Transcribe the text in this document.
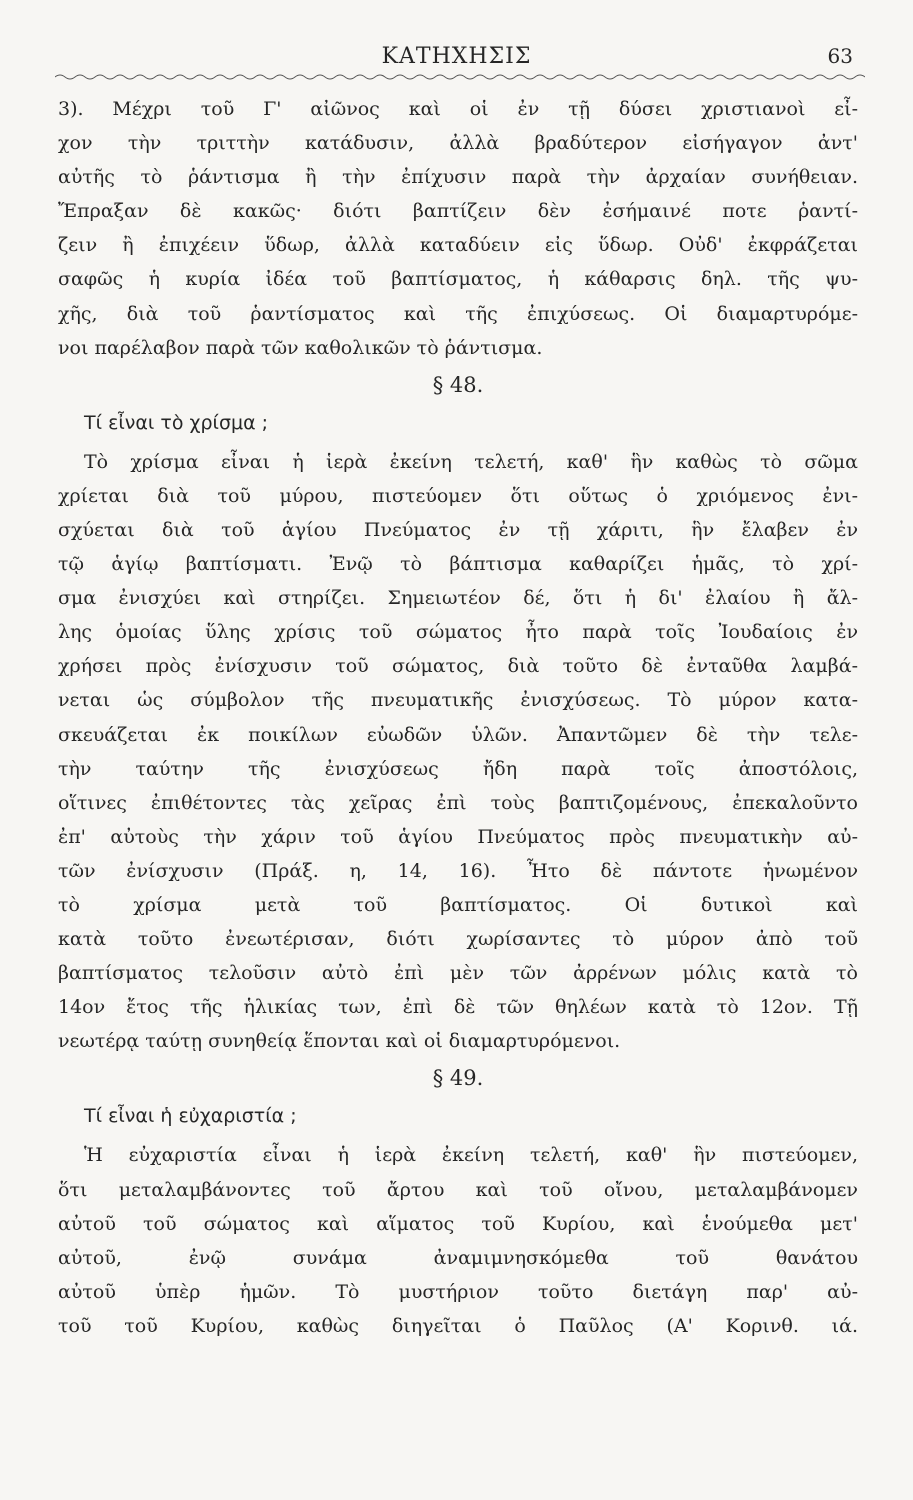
ΚΑΤΗΧΗΣΙΣ	63
3). Μέχρι τοῦ Γ' αἰῶνος καὶ οἱ ἐν τῇ δύσει χριστιανοὶ εἶ-
χον τὴν τριττὴν κατάδυσιν, ἀλλὰ βραδύτερον εἰσήγαγον ἀντ'
αὐτῆς τὸ ῥάντισμα ἢ τὴν ἐπίχυσιν παρὰ τὴν ἀρχαίαν συνήθειαν.
Ἔπραξαν δὲ κακῶς· διότι βαπτίζειν δὲν ἐσήμαινέ ποτε ῥαντί-
ζειν ἢ ἐπιχέειν ὕδωρ, ἀλλὰ καταδύειν εἰς ὕδωρ. Οὐδ' ἐκφράζεται
σαφῶς ἡ κυρία ἰδέα τοῦ βαπτίσματος, ἡ κάθαρσις δηλ. τῆς ψυ-
χῆς, διὰ τοῦ ῥαντίσματος καὶ τῆς ἐπιχύσεως. Οἱ διαμαρτυρόμε-
νοι παρέλαβον παρὰ τῶν καθολικῶν τὸ ῥάντισμα.
§ 48.
Τί εἶναι τὸ χρίσμα ;
Τὸ χρίσμα εἶναι ἡ ἱερὰ ἐκείνη τελετή, καθ' ἣν καθὼς τὸ σῶμα
χρίεται διὰ τοῦ μύρου, πιστεύομεν ὅτι οὕτως ὁ χριόμενος ἐνι-
σχύεται διὰ τοῦ ἁγίου Πνεύματος ἐν τῇ χάριτι, ἣν ἔλαβεν ἐν
τῷ ἁγίῳ βαπτίσματι. Ἐνῷ τὸ βάπτισμα καθαρίζει ἡμᾶς, τὸ χρί-
σμα ἐνισχύει καὶ στηρίζει. Σημειωτέον δέ, ὅτι ἡ δι' ἐλαίου ἢ ἄλ-
λης ὁμοίας ὕλης χρίσις τοῦ σώματος ἦτο παρὰ τοῖς Ἰουδαίοις ἐν
χρήσει πρὸς ἐνίσχυσιν τοῦ σώματος, διὰ τοῦτο δὲ ἐνταῦθα λαμβά-
νεται ὡς σύμβολον τῆς πνευματικῆς ἐνισχύσεως. Τὸ μύρον κατα-
σκευάζεται ἐκ ποικίλων εὐωδῶν ὑλῶν. Ἀπαντῶμεν δὲ τὴν τελε-
τὴν ταύτην τῆς ἐνισχύσεως ἤδη παρὰ τοῖς ἀποστόλοις,
οἵτινες ἐπιθέτοντες τὰς χεῖρας ἐπὶ τοὺς βαπτιζομένους, ἐπεκαλοῦντο
ἐπ' αὐτοὺς τὴν χάριν τοῦ ἁγίου Πνεύματος πρὸς πνευματικὴν αὐ-
τῶν ἐνίσχυσιν (Πράξ. η, 14, 16). Ἦτο δὲ πάντοτε ἡνωμένον
τὸ χρίσμα μετὰ τοῦ βαπτίσματος. Οἱ δυτικοὶ καὶ
κατὰ τοῦτο ἐνεωτέρισαν, διότι χωρίσαντες τὸ μύρον ἀπὸ τοῦ
βαπτίσματος τελοῦσιν αὐτὸ ἐπὶ μὲν τῶν ἀρρένων μόλις κατὰ τὸ
14ον ἔτος τῆς ἡλικίας των, ἐπὶ δὲ τῶν θηλέων κατὰ τὸ 12ον. Τῇ
νεωτέρᾳ ταύτῃ συνηθείᾳ ἕπονται καὶ οἱ διαμαρτυρόμενοι.
§ 49.
Τί εἶναι ἡ εὐχαριστία ;
Ἡ εὐχαριστία εἶναι ἡ ἱερὰ ἐκείνη τελετή, καθ' ἣν πιστεύομεν,
ὅτι μεταλαμβάνοντες τοῦ ἄρτου καὶ τοῦ οἴνου, μεταλαμβάνομεν
αὐτοῦ τοῦ σώματος καὶ αἵματος τοῦ Κυρίου, καὶ ἑνούμεθα μετ'
αὐτοῦ, ἐνῷ συνάμα ἀναμιμνησκόμεθα τοῦ θανάτου
αὐτοῦ ὑπὲρ ἡμῶν. Τὸ μυστήριον τοῦτο διετάγη παρ' αὐ-
τοῦ τοῦ Κυρίου, καθὼς διηγεῖται ὁ Παῦλος (Α' Κορινθ. ιά.
